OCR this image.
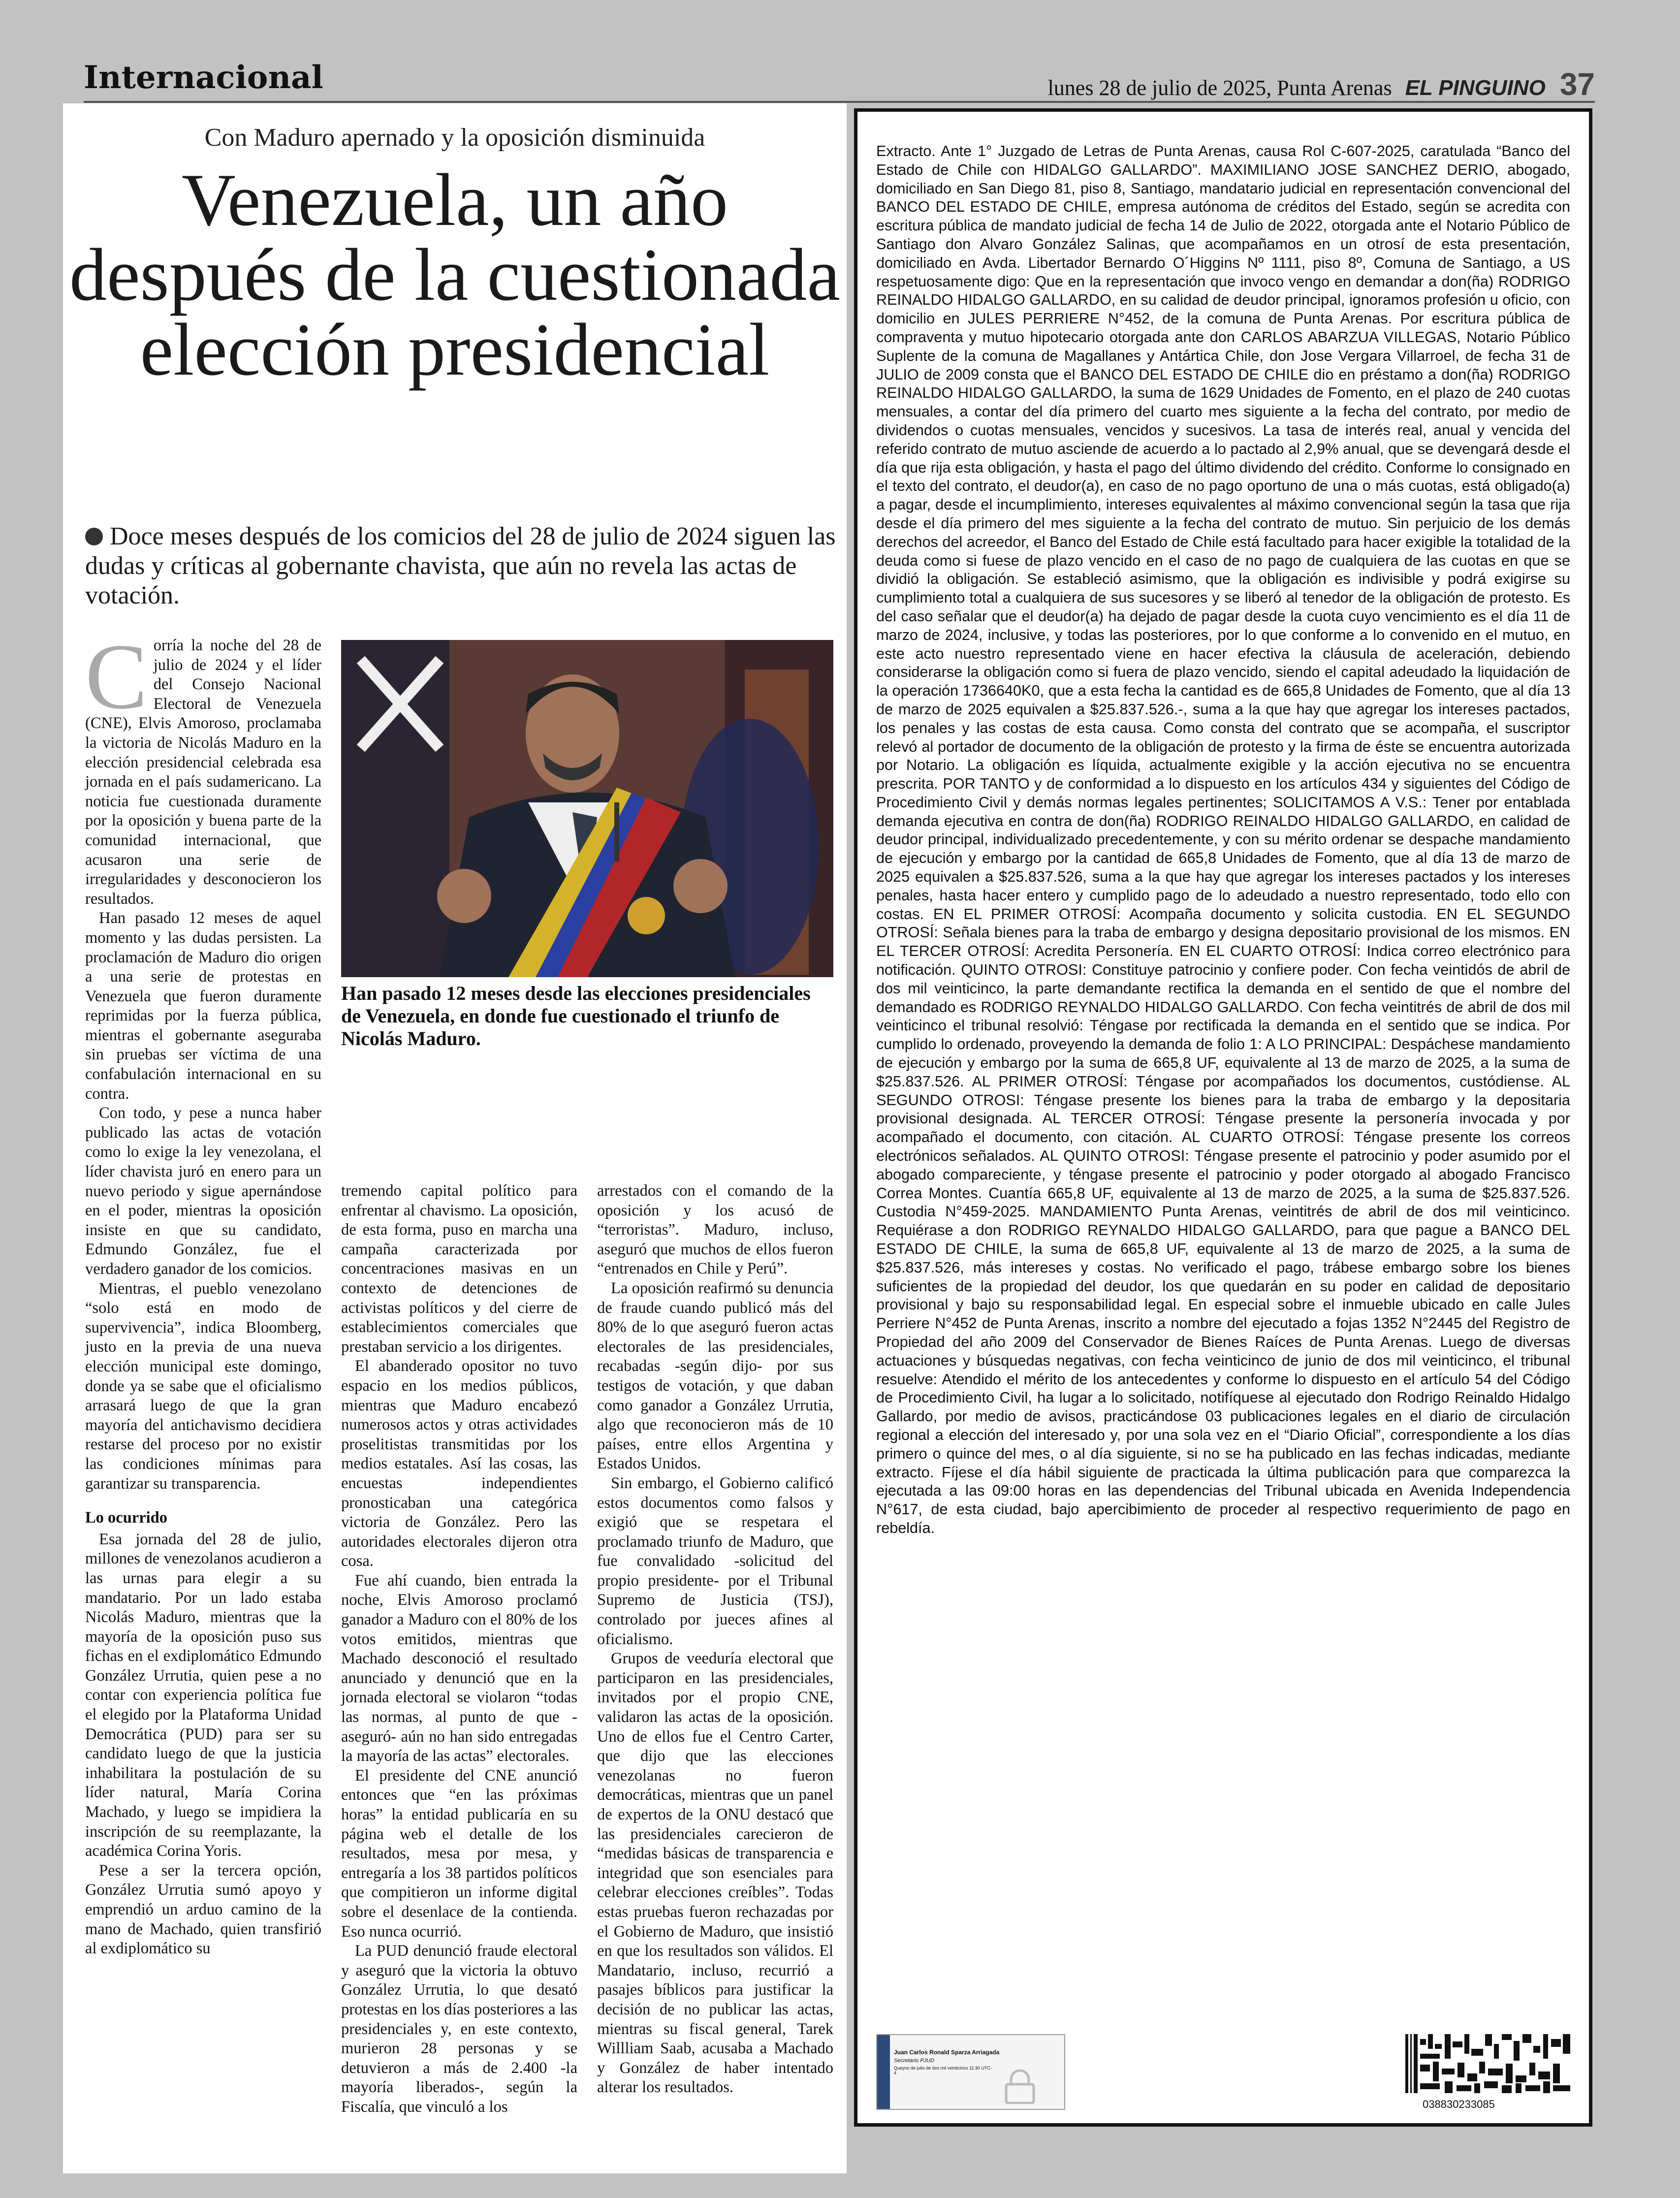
Internacional	lunes 28 de julio de 2025, Punta Arenas EL PINGUINO 37
Con Maduro apernado y la oposición disminuida
Venezuela, un año después de la cuestionada elección presidencial
Doce meses después de los comicios del 28 de julio de 2024 siguen las dudas y críticas al gobernante chavista, que aún no revela las actas de votación.

Corría la noche del 28 de julio de 2024 y el líder del Consejo Nacional Electoral de Venezuela (CNE), Elvis Amoroso, proclamaba la victoria de Nicolás Maduro en la elección presidencial celebrada esa jornada en el país sudamericano. La noticia fue cuestionada duramente por la oposición y buena parte de la comunidad internacional, que acusaron una serie de irregularidades y desconocieron los resultados.

Han pasado 12 meses de aquel momento y las dudas persisten. La proclamación de Maduro dio origen a una serie de protestas en Venezuela que fueron duramente reprimidas por la fuerza pública, mientras el gobernante aseguraba sin pruebas ser víctima de una confabulación internacional en su contra.

Con todo, y pese a nunca haber publicado las actas de votación como lo exige la ley venezolana, el líder chavista juró en enero para un nuevo periodo y sigue apernándose en el poder, mientras la oposición insiste en que su candidato, Edmundo González, fue el verdadero ganador de los comicios.

Mientras, el pueblo venezolano “solo está en modo de supervivencia”, indica Bloomberg, justo en la previa de una nueva elección municipal este domingo, donde ya se sabe que el oficialismo arrasará luego de que la gran mayoría del antichavismo decidiera restarse del proceso por no existir las condiciones mínimas para garantizar su transparencia.

Lo ocurrido

Esa jornada del 28 de julio, millones de venezolanos acudieron a las urnas para elegir a su mandatario. Por un lado estaba Nicolás Maduro, mientras que la mayoría de la oposición puso sus fichas en el exdiplomático Edmundo González Urrutia, quien pese a no contar con experiencia política fue el elegido por la Plataforma Unidad Democrática (PUD) para ser su candidato luego de que la justicia inhabilitara la postulación de su líder natural, María Corina Machado, y luego se impidiera la inscripción de su reemplazante, la académica Corina Yoris.

Pese a ser la tercera opción, González Urrutia sumó apoyo y emprendió un arduo camino de la mano de Machado, quien transfirió al exdiplomático su

Han pasado 12 meses desde las elecciones presidenciales de Venezuela, en donde fue cuestionado el triunfo de Nicolás Maduro.

tremendo capital político para enfrentar al chavismo. La oposición, de esta forma, puso en marcha una campaña caracterizada por concentraciones masivas en un contexto de detenciones de activistas políticos y del cierre de establecimientos comerciales que prestaban servicio a los dirigentes.

El abanderado opositor no tuvo espacio en los medios públicos, mientras que Maduro encabezó numerosos actos y otras actividades proselitistas transmitidas por los medios estatales. Así las cosas, las encuestas independientes pronosticaban una categórica victoria de González. Pero las autoridades electorales dijeron otra cosa.

Fue ahí cuando, bien entrada la noche, Elvis Amoroso proclamó ganador a Maduro con el 80% de los votos emitidos, mientras que Machado desconoció el resultado anunciado y denunció que en la jornada electoral se violaron “todas las normas, al punto de que -aseguró- aún no han sido entregadas la mayoría de las actas” electorales.

El presidente del CNE anunció entonces que “en las próximas horas” la entidad publicaría en su página web el detalle de los resultados, mesa por mesa, y entregaría a los 38 partidos políticos que compitieron un informe digital sobre el desenlace de la contienda. Eso nunca ocurrió.

La PUD denunció fraude electoral y aseguró que la victoria la obtuvo González Urrutia, lo que desató protestas en los días posteriores a las presidenciales y, en este contexto, murieron 28 personas y se detuvieron a más de 2.400 -la mayoría liberados-, según la Fiscalía, que vinculó a los

arrestados con el comando de la oposición y los acusó de “terroristas”. Maduro, incluso, aseguró que muchos de ellos fueron “entrenados en Chile y Perú”.

La oposición reafirmó su denuncia de fraude cuando publicó más del 80% de lo que aseguró fueron actas electorales de las presidenciales, recabadas -según dijo- por sus testigos de votación, y que daban como ganador a González Urrutia, algo que reconocieron más de 10 países, entre ellos Argentina y Estados Unidos.

Sin embargo, el Gobierno calificó estos documentos como falsos y exigió que se respetara el proclamado triunfo de Maduro, que fue convalidado -solicitud del propio presidente- por el Tribunal Supremo de Justicia (TSJ), controlado por jueces afines al oficialismo.

Grupos de veeduría electoral que participaron en las presidenciales, invitados por el propio CNE, validaron las actas de la oposición. Uno de ellos fue el Centro Carter, que dijo que las elecciones venezolanas no fueron democráticas, mientras que un panel de expertos de la ONU destacó que las presidenciales carecieron de “medidas básicas de transparencia e integridad que son esenciales para celebrar elecciones creíbles”. Todas estas pruebas fueron rechazadas por el Gobierno de Maduro, que insistió en que los resultados son válidos. El Mandatario, incluso, recurrió a pasajes bíblicos para justificar la decisión de no publicar las actas, mientras su fiscal general, Tarek Willliam Saab, acusaba a Machado y González de haber intentado alterar los resultados.

Extracto. Ante 1° Juzgado de Letras de Punta Arenas, causa Rol C-607-2025, caratulada “Banco del Estado de Chile con HIDALGO GALLARDO”. MAXIMILIANO JOSE SANCHEZ DERIO, abogado, domiciliado en San Diego 81, piso 8, Santiago, mandatario judicial en representación convencional del BANCO DEL ESTADO DE CHILE, empresa autónoma de créditos del Estado, según se acredita con escritura pública de mandato judicial de fecha 14 de Julio de 2022, otorgada ante el Notario Público de Santiago don Alvaro González Salinas, que acompañamos en un otrosí de esta presentación, domiciliado en Avda. Libertador Bernardo O´Higgins Nº 1111, piso 8º, Comuna de Santiago, a US respetuosamente digo: Que en la representación que invoco vengo en demandar a don(ña) RODRIGO REINALDO HIDALGO GALLARDO, en su calidad de deudor principal, ignoramos profesión u oficio, con domicilio en JULES PERRIERE N°452, de la comuna de Punta Arenas. Por escritura pública de compraventa y mutuo hipotecario otorgada ante don CARLOS ABARZUA VILLEGAS, Notario Público Suplente de la comuna de Magallanes y Antártica Chile, don Jose Vergara Villarroel, de fecha 31 de JULIO de 2009 consta que el BANCO DEL ESTADO DE CHILE dio en préstamo a don(ña) RODRIGO REINALDO HIDALGO GALLARDO, la suma de 1629 Unidades de Fomento, en el plazo de 240 cuotas mensuales, a contar del día primero del cuarto mes siguiente a la fecha del contrato, por medio de dividendos o cuotas mensuales, vencidos y sucesivos. La tasa de interés real, anual y vencida del referido contrato de mutuo asciende de acuerdo a lo pactado al 2,9% anual, que se devengará desde el día que rija esta obligación, y hasta el pago del último dividendo del crédito. Conforme lo consignado en el texto del contrato, el deudor(a), en caso de no pago oportuno de una o más cuotas, está obligado(a) a pagar, desde el incumplimiento, intereses equivalentes al máximo convencional según la tasa que rija desde el día primero del mes siguiente a la fecha del contrato de mutuo. Sin perjuicio de los demás derechos del acreedor, el Banco del Estado de Chile está facultado para hacer exigible la totalidad de la deuda como si fuese de plazo vencido en el caso de no pago de cualquiera de las cuotas en que se dividió la obligación. Se estableció asimismo, que la obligación es indivisible y podrá exigirse su cumplimiento total a cualquiera de sus sucesores y se liberó al tenedor de la obligación de protesto. Es del caso señalar que el deudor(a) ha dejado de pagar desde la cuota cuyo vencimiento es el día 11 de marzo de 2024, inclusive, y todas las posteriores, por lo que conforme a lo convenido en el mutuo, en este acto nuestro representado viene en hacer efectiva la cláusula de aceleración, debiendo considerarse la obligación como si fuera de plazo vencido, siendo el capital adeudado la liquidación de la operación 1736640K0, que a esta fecha la cantidad es de 665,8 Unidades de Fomento, que al día 13 de marzo de 2025 equivalen a $25.837.526.-, suma a la que hay que agregar los intereses pactados, los penales y las costas de esta causa. Como consta del contrato que se acompaña, el suscriptor relevó al portador de documento de la obligación de protesto y la firma de éste se encuentra autorizada por Notario. La obligación es líquida, actualmente exigible y la acción ejecutiva no se encuentra prescrita. POR TANTO y de conformidad a lo dispuesto en los artículos 434 y siguientes del Código de Procedimiento Civil y demás normas legales pertinentes; SOLICITAMOS A V.S.: Tener por entablada demanda ejecutiva en contra de don(ña) RODRIGO REINALDO HIDALGO GALLARDO, en calidad de deudor principal, individualizado precedentemente, y con su mérito ordenar se despache mandamiento de ejecución y embargo por la cantidad de 665,8 Unidades de Fomento, que al día 13 de marzo de 2025 equivalen a $25.837.526, suma a la que hay que agregar los intereses pactados y los intereses penales, hasta hacer entero y cumplido pago de lo adeudado a nuestro representado, todo ello con costas. EN EL PRIMER OTROSÍ: Acompaña documento y solicita custodia. EN EL SEGUNDO OTROSÍ: Señala bienes para la traba de embargo y designa depositario provisional de los mismos. EN EL TERCER OTROSÍ: Acredita Personería. EN EL CUARTO OTROSÍ: Indica correo electrónico para notificación. QUINTO OTROSI: Constituye patrocinio y confiere poder. Con fecha veintidós de abril de dos mil veinticinco, la parte demandante rectifica la demanda en el sentido de que el nombre del demandado es RODRIGO REYNALDO HIDALGO GALLARDO. Con fecha veintitrés de abril de dos mil veinticinco el tribunal resolvió: Téngase por rectificada la demanda en el sentido que se indica. Por cumplido lo ordenado, proveyendo la demanda de folio 1: A LO PRINCIPAL: Despáchese mandamiento de ejecución y embargo por la suma de 665,8 UF, equivalente al 13 de marzo de 2025, a la suma de $25.837.526. AL PRIMER OTROSÍ: Téngase por acompañados los documentos, custódiense. AL SEGUNDO OTROSI: Téngase presente los bienes para la traba de embargo y la depositaria provisional designada. AL TERCER OTROSÍ: Téngase presente la personería invocada y por acompañado el documento, con citación. AL CUARTO OTROSÍ: Téngase presente los correos electrónicos señalados. AL QUINTO OTROSI: Téngase presente el patrocinio y poder asumido por el abogado compareciente, y téngase presente el patrocinio y poder otorgado al abogado Francisco Correa Montes. Cuantía 665,8 UF, equivalente al 13 de marzo de 2025, a la suma de $25.837.526. Custodia N°459-2025. MANDAMIENTO Punta Arenas, veintitrés de abril de dos mil veinticinco. Requiérase a don RODRIGO REYNALDO HIDALGO GALLARDO, para que pague a BANCO DEL ESTADO DE CHILE, la suma de 665,8 UF, equivalente al 13 de marzo de 2025, a la suma de $25.837.526, más intereses y costas. No verificado el pago, trábese embargo sobre los bienes suficientes de la propiedad del deudor, los que quedarán en su poder en calidad de depositario provisional y bajo su responsabilidad legal. En especial sobre el inmueble ubicado en calle Jules Perriere N°452 de Punta Arenas, inscrito a nombre del ejecutado a fojas 1352 N°2445 del Registro de Propiedad del año 2009 del Conservador de Bienes Raíces de Punta Arenas. Luego de diversas actuaciones y búsquedas negativas, con fecha veinticinco de junio de dos mil veinticinco, el tribunal resuelve: Atendido el mérito de los antecedentes y conforme lo dispuesto en el artículo 54 del Código de Procedimiento Civil, ha lugar a lo solicitado, notifíquese al ejecutado don Rodrigo Reinaldo Hidalgo Gallardo, por medio de avisos, practicándose 03 publicaciones legales en el diario de circulación regional a elección del interesado y, por una sola vez en el “Diario Oficial”, correspondiente a los días primero o quince del mes, o al día siguiente, si no se ha publicado en las fechas indicadas, mediante extracto. Fíjese el día hábil siguiente de practicada la última publicación para que comparezca la ejecutada a las 09:00 horas en las dependencias del Tribunal ubicada en Avenida Independencia N°617, de esta ciudad, bajo apercibimiento de proceder al respectivo requerimiento de pago en rebeldía.
Juan Carlos Ronald Sparza Arriagada
Secretario PJUD
Queyno de julio de dos mil veinticinco 11:30 UTC-4
038830233085
